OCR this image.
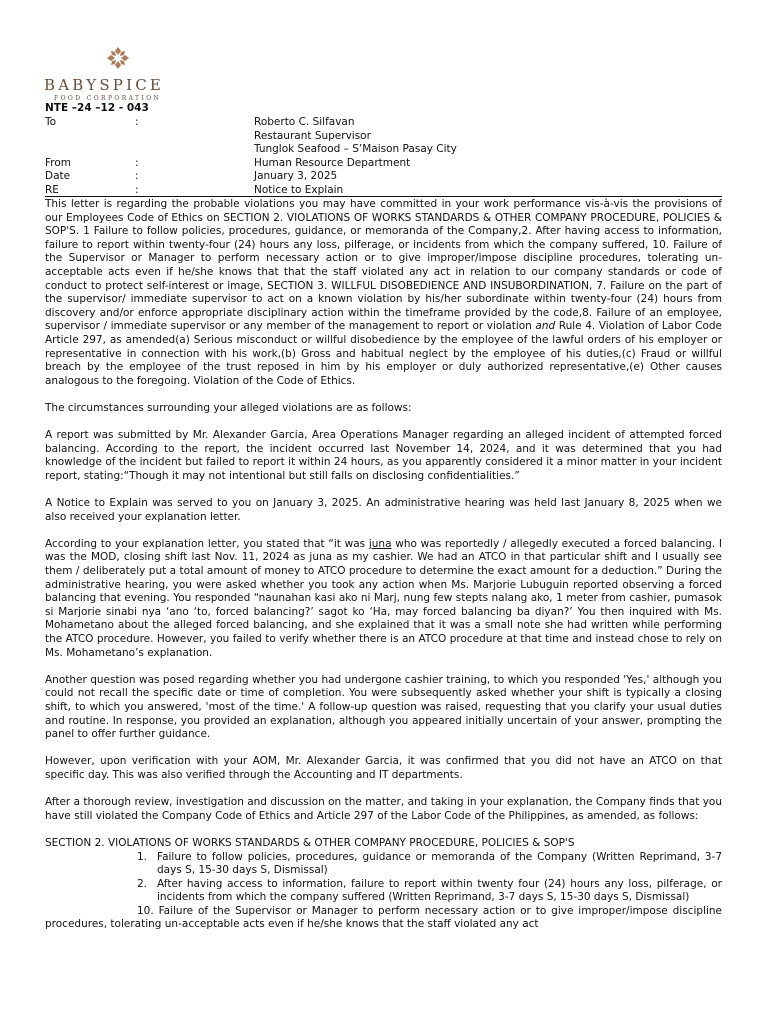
BABYSPICE
FOOD CORPORATION
NTE –24 –12 - 043
To	:	Roberto C. Silfavan
Restaurant Supervisor
Tunglok Seafood – S’Maison Pasay City
From	:	Human Resource Department
Date	:	January 3, 2025
RE	:	Notice to Explain

This letter is regarding the probable violations you may have committed in your work performance vis-à-vis the provisions of our Employees Code of Ethics on SECTION 2. VIOLATIONS OF WORKS STANDARDS & OTHER COMPANY PROCEDURE, POLICIES & SOP'S. 1 Failure to follow policies, procedures, guidance, or memoranda of the Company,2. After having access to information, failure to report within twenty-four (24) hours any loss, pilferage, or incidents from which the company suffered, 10. Failure of the Supervisor or Manager to perform necessary action or to give improper/impose discipline procedures, tolerating un-acceptable acts even if he/she knows that that the staff violated any act in relation to our company standards or code of conduct to protect self-interest or image, SECTION 3. WILLFUL DISOBEDIENCE AND INSUBORDINATION, 7. Failure on the part of the supervisor/ immediate supervisor to act on a known violation by his/her subordinate within twenty-four (24) hours from discovery and/or enforce appropriate disciplinary action within the timeframe provided by the code,8. Failure of an employee, supervisor / immediate supervisor or any member of the management to report or violation and Rule 4. Violation of Labor Code Article 297, as amended(a) Serious misconduct or willful disobedience by the employee of the lawful orders of his employer or representative in connection with his work,(b) Gross and habitual neglect by the employee of his duties,(c) Fraud or willful breach by the employee of the trust reposed in him by his employer or duly authorized representative,(e) Other causes analogous to the foregoing. Violation of the Code of Ethics.

The circumstances surrounding your alleged violations are as follows:

A report was submitted by Mr. Alexander Garcia, Area Operations Manager regarding an alleged incident of attempted forced balancing. According to the report, the incident occurred last November 14, 2024, and it was determined that you had knowledge of the incident but failed to report it within 24 hours, as you apparently considered it a minor matter in your incident report, stating:“Though it may not intentional but still falls on disclosing confidentialities.”

A Notice to Explain was served to you on January 3, 2025. An administrative hearing was held last January 8, 2025 when we also received your explanation letter.

According to your explanation letter, you stated that “it was juna who was reportedly / allegedly executed a forced balancing. I was the MOD, closing shift last Nov. 11, 2024 as juna as my cashier. We had an ATCO in that particular shift and I usually see them / deliberately put a total amount of money to ATCO procedure to determine the exact amount for a deduction.” During the administrative hearing, you were asked whether you took any action when Ms. Marjorie Lubuguin reported observing a forced balancing that evening. You responded “naunahan kasi ako ni Marj, nung few stepts nalang ako, 1 meter from cashier, pumasok si Marjorie sinabi nya ‘ano ‘to, forced balancing?’ sagot ko ‘Ha, may forced balancing ba diyan?’ You then inquired with Ms. Mohametano about the alleged forced balancing, and she explained that it was a small note she had written while performing the ATCO procedure. However, you failed to verify whether there is an ATCO procedure at that time and instead chose to rely on Ms. Mohametano’s explanation.

Another question was posed regarding whether you had undergone cashier training, to which you responded 'Yes,' although you could not recall the specific date or time of completion. You were subsequently asked whether your shift is typically a closing shift, to which you answered, 'most of the time.' A follow-up question was raised, requesting that you clarify your usual duties and routine. In response, you provided an explanation, although you appeared initially uncertain of your answer, prompting the panel to offer further guidance.

However, upon verification with your AOM, Mr. Alexander Garcia, it was confirmed that you did not have an ATCO on that specific day. This was also verified through the Accounting and IT departments.

After a thorough review, investigation and discussion on the matter, and taking in your explanation, the Company finds that you have still violated the Company Code of Ethics and Article 297 of the Labor Code of the Philippines, as amended, as follows:

SECTION 2. VIOLATIONS OF WORKS STANDARDS & OTHER COMPANY PROCEDURE, POLICIES & SOP'S
1. Failure to follow policies, procedures, guidance or memoranda of the Company (Written Reprimand, 3-7 days S, 15-30 days S, Dismissal)
2. After having access to information, failure to report within twenty four (24) hours any loss, pilferage, or incidents from which the company suffered (Written Reprimand, 3-7 days S, 15-30 days S, Dismissal)

10. Failure of the Supervisor or Manager to perform necessary action or to give improper/impose discipline procedures, tolerating un-acceptable acts even if he/she knows that the staff violated any act
